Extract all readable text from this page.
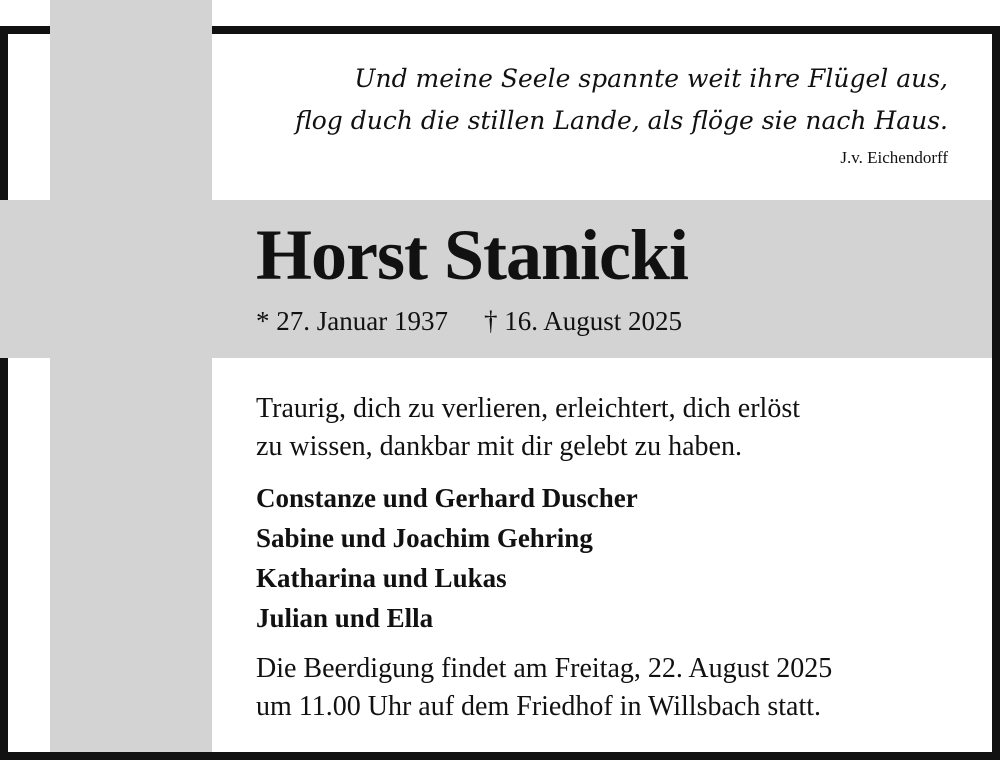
Und meine Seele spannte weit ihre Flügel aus,
flog duch die stillen Lande, als flöge sie nach Haus.
J.v. Eichendorff
Horst Stanicki
* 27. Januar 1937 † 16. August 2025
Traurig, dich zu verlieren, erleichtert, dich erlöst
zu wissen, dankbar mit dir gelebt zu haben.
Constanze und Gerhard Duscher
Sabine und Joachim Gehring
Katharina und Lukas
Julian und Ella
Die Beerdigung findet am Freitag, 22. August 2025
um 11.00 Uhr auf dem Friedhof in Willsbach statt.
